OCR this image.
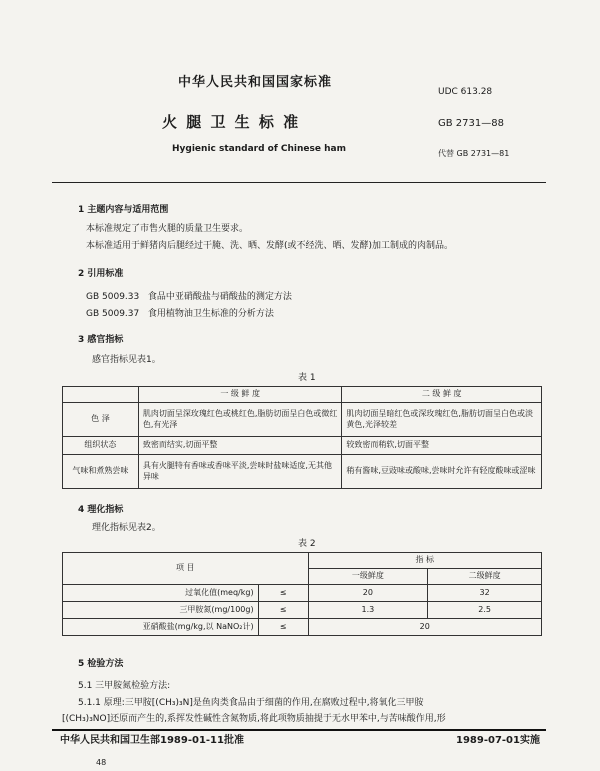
中华人民共和国国家标准
UDC 613.28
火 腿 卫 生 标 准	GB 2731—88
Hygienic standard of Chinese ham	代替 GB 2731—81
1 主题内容与适用范围
本标准规定了市售火腿的质量卫生要求。
本标准适用于鲜猪肉后腿经过干腌、洗、晒、发酵(或不经洗、晒、发酵)加工制成的肉制品。
2 引用标准
GB 5009.33 食品中亚硝酸盐与硝酸盐的测定方法
GB 5009.37 食用植物油卫生标准的分析方法
3 感官指标
感官指标见表1。
表 1
	一 级 鲜 度	二 级 鲜 度
色 泽	肌肉切面呈深玫瑰红色或桃红色,脂肪切面呈白色或微红色,有光泽	肌肉切面呈暗红色或深玫瑰红色,脂肪切面呈白色或淡黄色,光泽较差
组织状态	致密而结实,切面平整	较致密而稍软,切面平整
气味和煮熟尝味	具有火腿特有香味或香味平淡,尝味时盐味适度,无其他异味	稍有酱味,豆豉味或酸味,尝味时允许有轻度酸味或涩味
4 理化指标
理化指标见表2。
表 2
项 目		指 标	
		一级鲜度	二级鲜度
过氧化值(meq/kg)	≤	20	32
三甲胺氮(mg/100g)	≤	1.3	2.5
亚硝酸盐(mg/kg,以 NaNO₂计)	≤	20	
5 检验方法
5.1 三甲胺氮检验方法:
5.1.1 原理:三甲胺[(CH₃)₃N]是鱼肉类食品由于细菌的作用,在腐败过程中,将氧化三甲胺
[(CH₃)₃NO]还原而产生的,系挥发性碱性含氮物质,将此项物质抽提于无水甲苯中,与苦味酸作用,形
中华人民共和国卫生部1989-01-11批准	1989-07-01实施
48
